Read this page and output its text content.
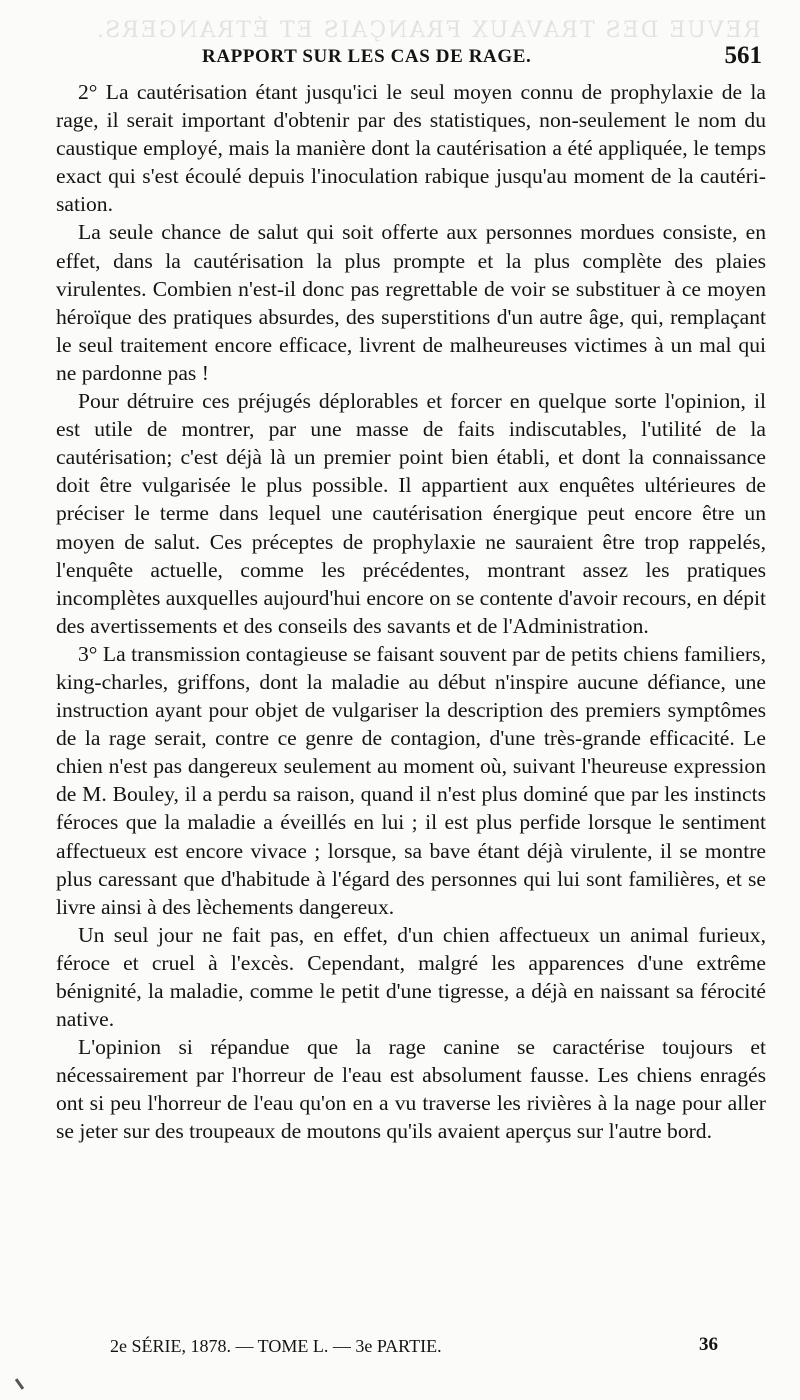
REVUE DES TRAVAUX FRANÇAIS ET ÉTRANGERS.
RAPPORT SUR LES CAS DE RAGE.	561

2° La cautérisation étant jusqu'ici le seul moyen connu de prophylaxie de la rage, il serait important d'obtenir par des statistiques, non-seulement le nom du caustique employé, mais la manière dont la cautérisation a été appliquée, le temps exact qui s'est écoulé depuis l'inoculation rabique jusqu'au moment de la cautérisation.

La seule chance de salut qui soit offerte aux personnes mordues consiste, en effet, dans la cautérisation la plus prompte et la plus complète des plaies virulentes. Combien n'est-il donc pas regrettable de voir se substituer à ce moyen héroïque des pratiques absurdes, des superstitions d'un autre âge, qui, remplaçant le seul traitement encore efficace, livrent de malheureuses victimes à un mal qui ne pardonne pas !

Pour détruire ces préjugés déplorables et forcer en quelque sorte l'opinion, il est utile de montrer, par une masse de faits indiscutables, l'utilité de la cautérisation; c'est déjà là un premier point bien établi, et dont la connaissance doit être vulgarisée le plus possible. Il appartient aux enquêtes ultérieures de préciser le terme dans lequel une cautérisation énergique peut encore être un moyen de salut. Ces préceptes de prophylaxie ne sauraient être trop rappelés, l'enquête actuelle, comme les précédentes, montrant assez les pratiques incomplètes auxquelles aujourd'hui encore on se contente d'avoir recours, en dépit des avertissements et des conseils des savants et de l'Administration.

3° La transmission contagieuse se faisant souvent par de petits chiens familiers, king-charles, griffons, dont la maladie au début n'inspire aucune défiance, une instruction ayant pour objet de vulgariser la description des premiers symptômes de la rage serait, contre ce genre de contagion, d'une très-grande efficacité. Le chien n'est pas dangereux seulement au moment où, suivant l'heureuse expression de M. Bouley, il a perdu sa raison, quand il n'est plus dominé que par les instincts féroces que la maladie a éveillés en lui ; il est plus perfide lorsque le sentiment affectueux est encore vivace ; lorsque, sa bave étant déjà virulente, il se montre plus caressant que d'habitude à l'égard des personnes qui lui sont familières, et se livre ainsi à des lèchements dangereux.

Un seul jour ne fait pas, en effet, d'un chien affectueux un animal furieux, féroce et cruel à l'excès. Cependant, malgré les apparences d'une extrême bénignité, la maladie, comme le petit d'une tigresse, a déjà en naissant sa férocité native.

L'opinion si répandue que la rage canine se caractérise toujours et nécessairement par l'horreur de l'eau est absolument fausse. Les chiens enragés ont si peu l'horreur de l'eau qu'on en a vu traverse les rivières à la nage pour aller se jeter sur des troupeaux de moutons qu'ils avaient aperçus sur l'autre bord.

2e SÉRIE, 1878. — TOME L. — 3e PARTIE.	36
